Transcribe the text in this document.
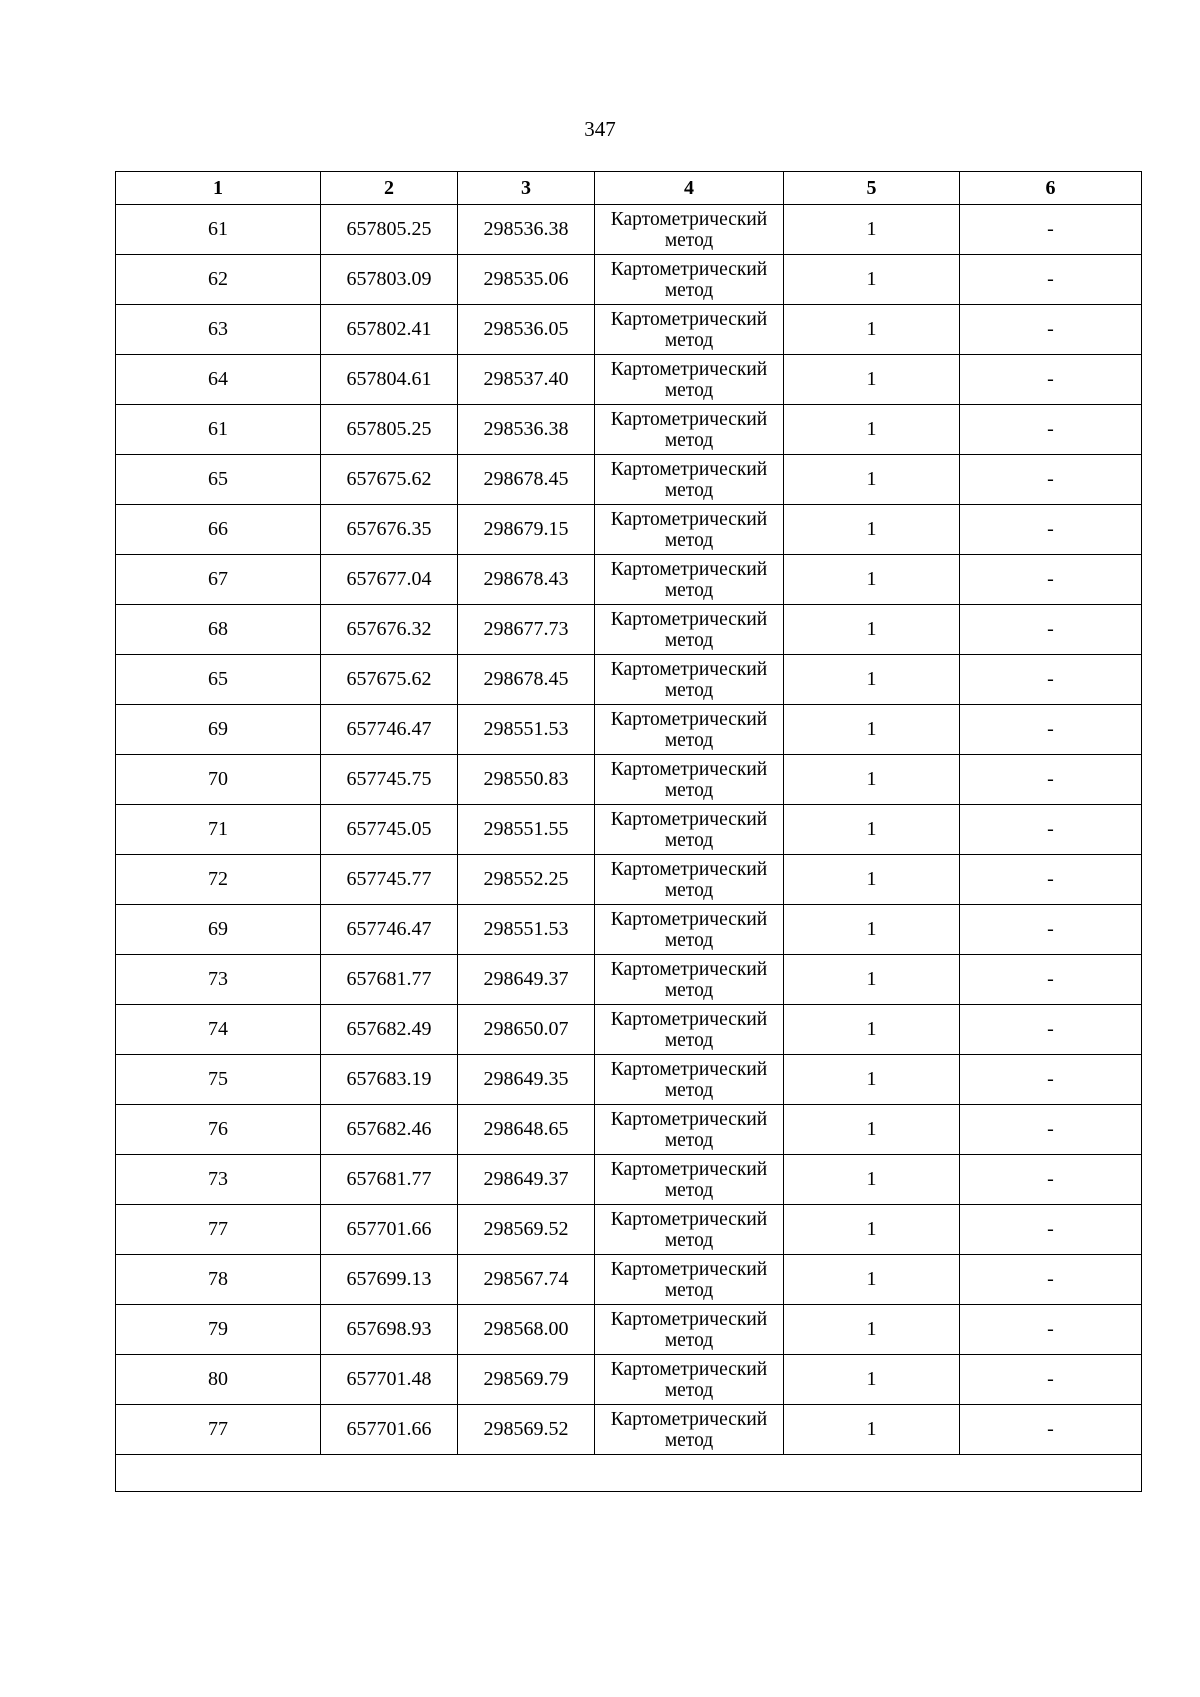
347
1	2	3	4	5	6
61	657805.25	298536.38	Картометрический метод	1	-
62	657803.09	298535.06	Картометрический метод	1	-
63	657802.41	298536.05	Картометрический метод	1	-
64	657804.61	298537.40	Картометрический метод	1	-
61	657805.25	298536.38	Картометрический метод	1	-
65	657675.62	298678.45	Картометрический метод	1	-
66	657676.35	298679.15	Картометрический метод	1	-
67	657677.04	298678.43	Картометрический метод	1	-
68	657676.32	298677.73	Картометрический метод	1	-
65	657675.62	298678.45	Картометрический метод	1	-
69	657746.47	298551.53	Картометрический метод	1	-
70	657745.75	298550.83	Картометрический метод	1	-
71	657745.05	298551.55	Картометрический метод	1	-
72	657745.77	298552.25	Картометрический метод	1	-
69	657746.47	298551.53	Картометрический метод	1	-
73	657681.77	298649.37	Картометрический метод	1	-
74	657682.49	298650.07	Картометрический метод	1	-
75	657683.19	298649.35	Картометрический метод	1	-
76	657682.46	298648.65	Картометрический метод	1	-
73	657681.77	298649.37	Картометрический метод	1	-
77	657701.66	298569.52	Картометрический метод	1	-
78	657699.13	298567.74	Картометрический метод	1	-
79	657698.93	298568.00	Картометрический метод	1	-
80	657701.48	298569.79	Картометрический метод	1	-
77	657701.66	298569.52	Картометрический метод	1	-
